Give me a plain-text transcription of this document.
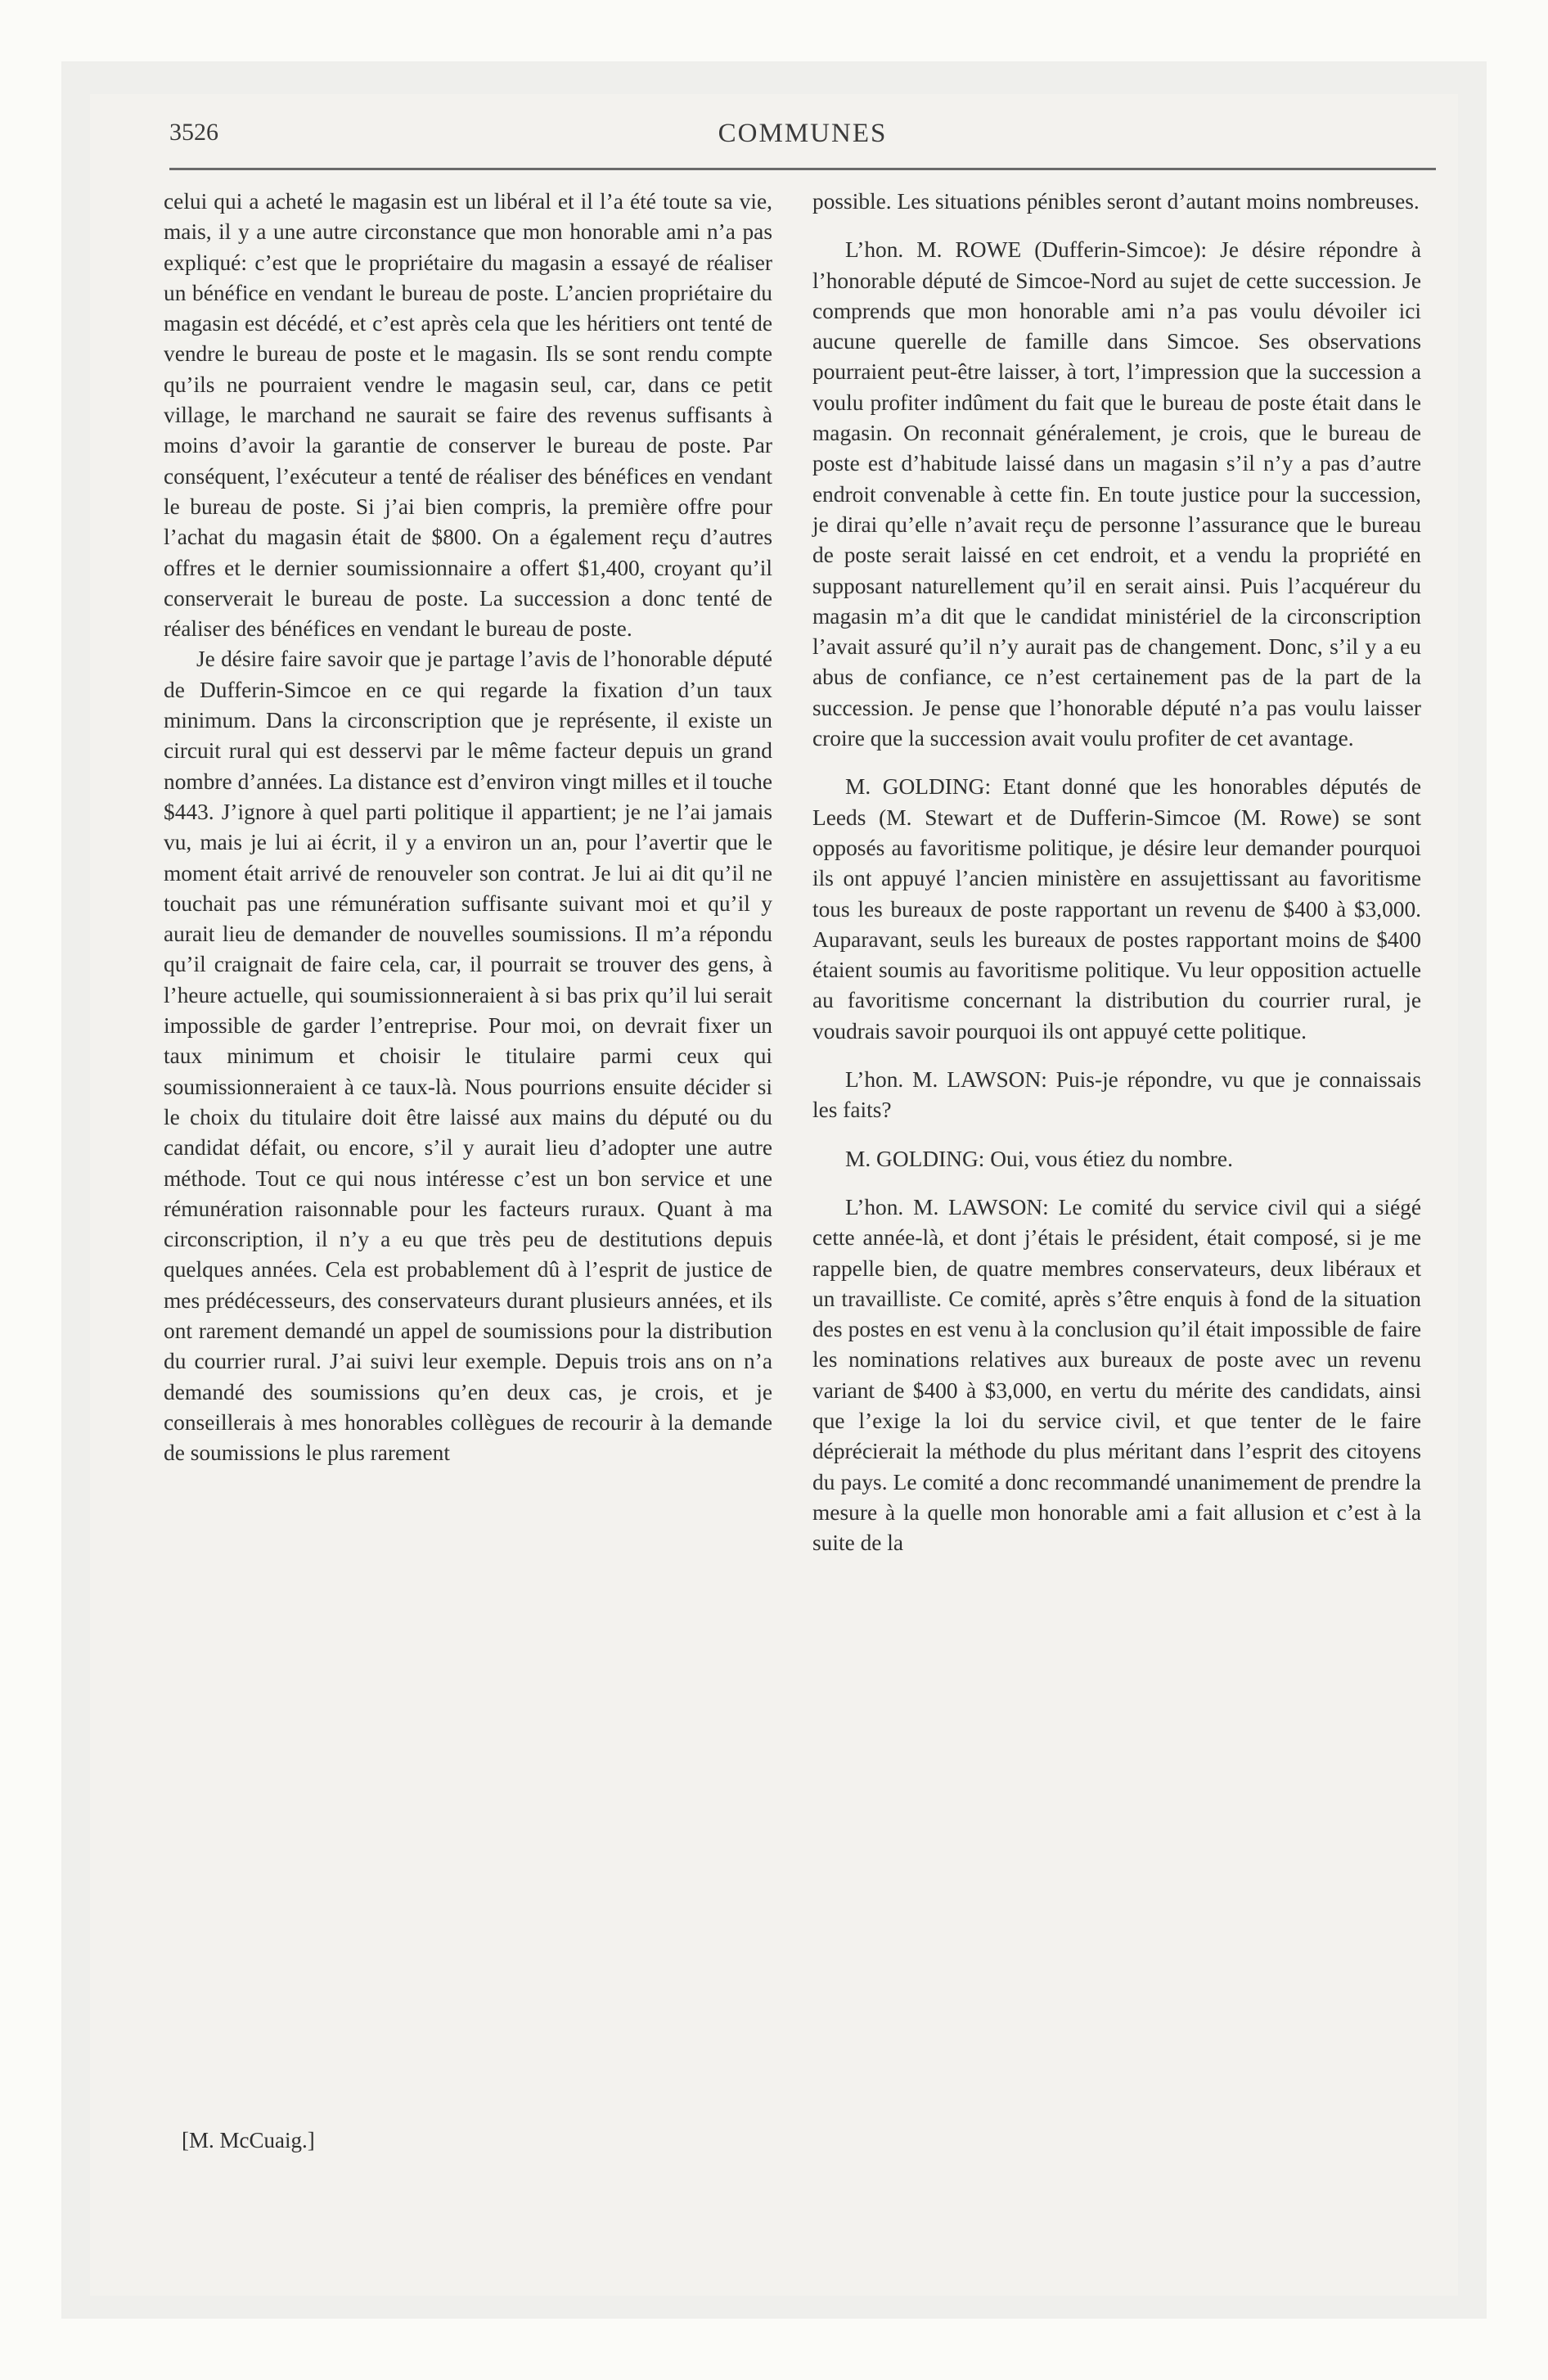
3526	COMMUNES

celui qui a acheté le magasin est un libéral et il l’a été toute sa vie, mais, il y a une autre circonstance que mon honorable ami n’a pas expliqué: c’est que le propriétaire du magasin a essayé de réaliser un bénéfice en vendant le bureau de poste. L’ancien propriétaire du magasin est décédé, et c’est après cela que les héritiers ont tenté de vendre le bureau de poste et le magasin. Ils se sont rendu compte qu’ils ne pourraient vendre le magasin seul, car, dans ce petit village, le marchand ne saurait se faire des revenus suffisants à moins d’avoir la garantie de conserver le bureau de poste. Par conséquent, l’exécuteur a tenté de réaliser des bénéfices en vendant le bureau de poste. Si j’ai bien compris, la première offre pour l’achat du magasin était de $800. On a également reçu d’autres offres et le dernier soumissionnaire a offert $1,400, croyant qu’il conserverait le bureau de poste. La succession a donc tenté de réaliser des bénéfices en vendant le bureau de poste.

Je désire faire savoir que je partage l’avis de l’honorable député de Dufferin-Simcoe en ce qui regarde la fixation d’un taux minimum. Dans la circonscription que je représente, il existe un circuit rural qui est desservi par le même facteur depuis un grand nombre d’années. La distance est d’environ vingt milles et il touche $443. J’ignore à quel parti politique il appartient; je ne l’ai jamais vu, mais je lui ai écrit, il y a environ un an, pour l’avertir que le moment était arrivé de renouveler son contrat. Je lui ai dit qu’il ne touchait pas une rémunération suffisante suivant moi et qu’il y aurait lieu de demander de nouvelles soumissions. Il m’a répondu qu’il craignait de faire cela, car, il pourrait se trouver des gens, à l’heure actuelle, qui soumissionneraient à si bas prix qu’il lui serait impossible de garder l’entreprise. Pour moi, on devrait fixer un taux minimum et choisir le titulaire parmi ceux qui soumissionneraient à ce taux-là. Nous pourrions ensuite décider si le choix du titulaire doit être laissé aux mains du député ou du candidat défait, ou encore, s’il y aurait lieu d’adopter une autre méthode. Tout ce qui nous intéresse c’est un bon service et une rémunération raisonnable pour les facteurs ruraux. Quant à ma circonscription, il n’y a eu que très peu de destitutions depuis quelques années. Cela est probablement dû à l’esprit de justice de mes prédécesseurs, des conservateurs durant plusieurs années, et ils ont rarement demandé un appel de soumissions pour la distribution du courrier rural. J’ai suivi leur exemple. Depuis trois ans on n’a demandé des soumissions qu’en deux cas, je crois, et je conseillerais à mes honorables collègues de recourir à la demande de soumissions le plus rarement

[M. McCuaig.]

possible. Les situations pénibles seront d’autant moins nombreuses.

L’hon. M. ROWE (Dufferin-Simcoe): Je désire répondre à l’honorable député de Simcoe-Nord au sujet de cette succession. Je comprends que mon honorable ami n’a pas voulu dévoiler ici aucune querelle de famille dans Simcoe. Ses observations pourraient peut-être laisser, à tort, l’impression que la succession a voulu profiter indûment du fait que le bureau de poste était dans le magasin. On reconnait généralement, je crois, que le bureau de poste est d’habitude laissé dans un magasin s’il n’y a pas d’autre endroit convenable à cette fin. En toute justice pour la succession, je dirai qu’elle n’avait reçu de personne l’assurance que le bureau de poste serait laissé en cet endroit, et a vendu la propriété en supposant naturellement qu’il en serait ainsi. Puis l’acquéreur du magasin m’a dit que le candidat ministériel de la circonscription l’avait assuré qu’il n’y aurait pas de changement. Donc, s’il y a eu abus de confiance, ce n’est certainement pas de la part de la succession. Je pense que l’honorable député n’a pas voulu laisser croire que la succession avait voulu profiter de cet avantage.

M. GOLDING: Etant donné que les honorables députés de Leeds (M. Stewart et de Dufferin-Simcoe (M. Rowe) se sont opposés au favoritisme politique, je désire leur demander pourquoi ils ont appuyé l’ancien ministère en assujettissant au favoritisme tous les bureaux de poste rapportant un revenu de $400 à $3,000. Auparavant, seuls les bureaux de postes rapportant moins de $400 étaient soumis au favoritisme politique. Vu leur opposition actuelle au favoritisme concernant la distribution du courrier rural, je voudrais savoir pourquoi ils ont appuyé cette politique.

L’hon. M. LAWSON: Puis-je répondre, vu que je connaissais les faits?

M. GOLDING: Oui, vous étiez du nombre.

L’hon. M. LAWSON: Le comité du service civil qui a siégé cette année-là, et dont j’étais le président, était composé, si je me rappelle bien, de quatre membres conservateurs, deux libéraux et un travailliste. Ce comité, après s’être enquis à fond de la situation des postes en est venu à la conclusion qu’il était impossible de faire les nominations relatives aux bureaux de poste avec un revenu variant de $400 à $3,000, en vertu du mérite des candidats, ainsi que l’exige la loi du service civil, et que tenter de le faire déprécierait la méthode du plus méritant dans l’esprit des citoyens du pays. Le comité a donc recommandé unanimement de prendre la mesure à la quelle mon honorable ami a fait allusion et c’est à la suite de la
